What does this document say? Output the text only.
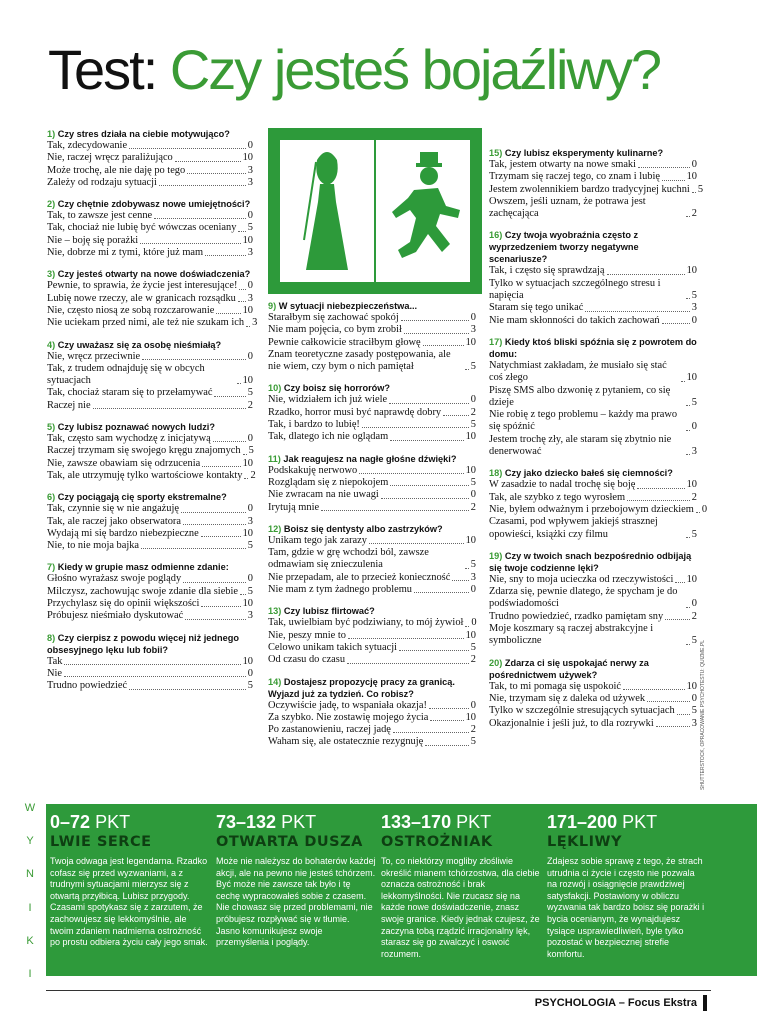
Test: Czy jesteś bojaźliwy?
1) Czy stres działa na ciebie motywująco?
Tak, zdecydowanie	0
Nie, raczej wręcz paraliżująco	10
Może trochę, ale nie daję po tego	3
Zależy od rodzaju sytuacji	3
2) Czy chętnie zdobywasz nowe umiejętności?
Tak, to zawsze jest cenne	0
Tak, chociaż nie lubię być wówczas oceniany 5
Nie – boję się porażki	10
Nie, dobrze mi z tymi, które już mam	3
3) Czy jesteś otwarty na nowe doświadczenia?
Pewnie, to sprawia, że życie jest interesujące! 0
Lubię nowe rzeczy, ale w granicach rozsądku 3
Nie, często niosą ze sobą rozczarowanie	10
Nie uciekam przed nimi, ale też nie szukam ich 3
4) Czy uważasz się za osobę nieśmiałą?
Nie, wręcz przeciwnie	0
Tak, z trudem odnajduję się w obcych sytuacjach	10
Tak, chociaż staram się to przełamywać	5
Raczej nie	2
5) Czy lubisz poznawać nowych ludzi?
Tak, często sam wychodzę z inicjatywą	0
Raczej trzymam się swojego kręgu znajomych 5
Nie, zawsze obawiam się odrzucenia	10
Tak, ale utrzymuję tylko wartościowe kontakty 2
6) Czy pociągają cię sporty ekstremalne?
Tak, czynnie się w nie angażuję	0
Tak, ale raczej jako obserwatora	3
Wydają mi się bardzo niebezpieczne	10
Nie, to nie moja bajka	5
7) Kiedy w grupie masz odmienne zdanie:
Głośno wyrażasz swoje poglądy	0
Milczysz, zachowując swoje zdanie dla siebie 5
Przychylasz się do opinii większości	10
Próbujesz nieśmiało dyskutować	3
8) Czy cierpisz z powodu więcej niż jednego obsesyjnego lęku lub fobii?
Tak	10
Nie	0
Trudno powiedzieć	5
9) W sytuacji niebezpieczeństwa...
Starałbym się zachować spokój	0
Nie mam pojęcia, co bym zrobił	3
Pewnie całkowicie straciłbym głowę	10
Znam teoretyczne zasady postępowania, ale nie wiem, czy bym o nich pamiętał	5
10) Czy boisz się horrorów?
Nie, widziałem ich już wiele	0
Rzadko, horror musi być naprawdę dobry	2
Tak, i bardzo to lubię!	5
Tak, dlatego ich nie oglądam	10
11) Jak reagujesz na nagłe głośne dźwięki?
Podskakuję nerwowo	10
Rozglądam się z niepokojem	5
Nie zwracam na nie uwagi	0
Irytują mnie	2
12) Boisz się dentysty albo zastrzyków?
Unikam tego jak zarazy	10
Tam, gdzie w grę wchodzi ból, zawsze odmawiam się znieczulenia	5
Nie przepadam, ale to przecież konieczność 3
Nie mam z tym żadnego problemu	0
13) Czy lubisz flirtować?
Tak, uwielbiam być podziwiany, to mój żywioł 0
Nie, peszy mnie to	10
Celowo unikam takich sytuacji	5
Od czasu do czasu	2
14) Dostajesz propozycję pracy za granicą. Wyjazd już za tydzień. Co robisz?
Oczywiście jadę, to wspaniała okazja!	0
Za szybko. Nie zostawię mojego życia	10
Po zastanowieniu, raczej jadę	2
Waham się, ale ostatecznie rezygnuję	5
15) Czy lubisz eksperymenty kulinarne?
Tak, jestem otwarty na nowe smaki	0
Trzymam się raczej tego, co znam i lubię	10
Jestem zwolennikiem bardzo tradycyjnej kuchni 5
Owszem, jeśli uznam, że potrawa jest zachęcająca	2
16) Czy twoja wyobraźnia często z wyprzedzeniem tworzy negatywne scenariusze?
Tak, i często się sprawdzają	10
Tylko w sytuacjach szczególnego stresu i napięcia	5
Staram się tego unikać	3
Nie mam skłonności do takich zachowań	0
17) Kiedy ktoś bliski spóźnia się z powrotem do domu:
Natychmiast zakładam, że musiało się stać coś złego	10
Piszę SMS albo dzwonię z pytaniem, co się dzieje	5
Nie robię z tego problemu – każdy ma prawo się spóźnić	0
Jestem trochę zły, ale staram się zbytnio nie denerwować	3
18) Czy jako dziecko bałeś się ciemności?
W zasadzie to nadal trochę się boję	10
Tak, ale szybko z tego wyrosłem	2
Nie, byłem odważnym i przebojowym dzieckiem 0
Czasami, pod wpływem jakiejś strasznej opowieści, książki czy filmu	5
19) Czy w twoich snach bezpośrednio odbijają się twoje codzienne lęki?
Nie, sny to moja ucieczka od rzeczywistości 10
Zdarza się, pewnie dlatego, że spycham je do podświadomości	0
Trudno powiedzieć, rzadko pamiętam sny	2
Moje koszmary są raczej abstrakcyjne i symboliczne	5
20) Zdarza ci się uspokajać nerwy za pośrednictwem używek?
Tak, to mi pomaga się uspokoić	10
Nie, trzymam się z daleka od używek	0
Tylko w szczególnie stresujących sytuacjach 5
Okazjonalnie i jeśli już, to dla rozrywki	3 SHUTTERSTOCK, OPRACOWANIE PSYCHOTESTU: QUIZME.PL
W
Y
N
I
K
I
0–72 PKT
LWIE SERCE
Twoja odwaga jest legendarna. Rzadko cofasz się przed wyzwaniami, a z trudnymi sytuacjami mierzysz się z otwartą przyłbicą. Lubisz przygody. Czasami spotykasz się z zarzutem, że zachowujesz się lekkomyślnie, ale twoim zdaniem nadmierna ostrożność po prostu odbiera życiu cały jego smak.
73–132 PKT
OTWARTA DUSZA
Może nie należysz do bohaterów każdej akcji, ale na pewno nie jesteś tchórzem. Być może nie zawsze tak było i tę cechę wypracowałeś sobie z czasem. Nie chowasz się przed problemami, nie próbujesz rozpływać się w tłumie. Jasno komunikujesz swoje przemyślenia i poglądy.
133–170 PKT
OSTROŻNIAK
To, co niektórzy mogliby złośliwie określić mianem tchórzostwa, dla ciebie oznacza ostrożność i brak lekkomyślności. Nie rzucasz się na każde nowe doświadczenie, znasz swoje granice. Kiedy jednak czujesz, że zaczyna tobą rządzić irracjonalny lęk, starasz się go zwalczyć i oswoić rozumem.
171–200 PKT
LĘKLIWY
Zdajesz sobie sprawę z tego, że strach utrudnia ci życie i często nie pozwala na rozwój i osiągnięcie prawdziwej satysfakcji. Postawiony w obliczu wyzwania tak bardzo boisz się porażki i bycia ocenianym, że wynajdujesz tysiące usprawiedliwień, byle tylko pozostać w bezpiecznej strefie komfortu.
PSYCHOLOGIA – Focus Ekstra
